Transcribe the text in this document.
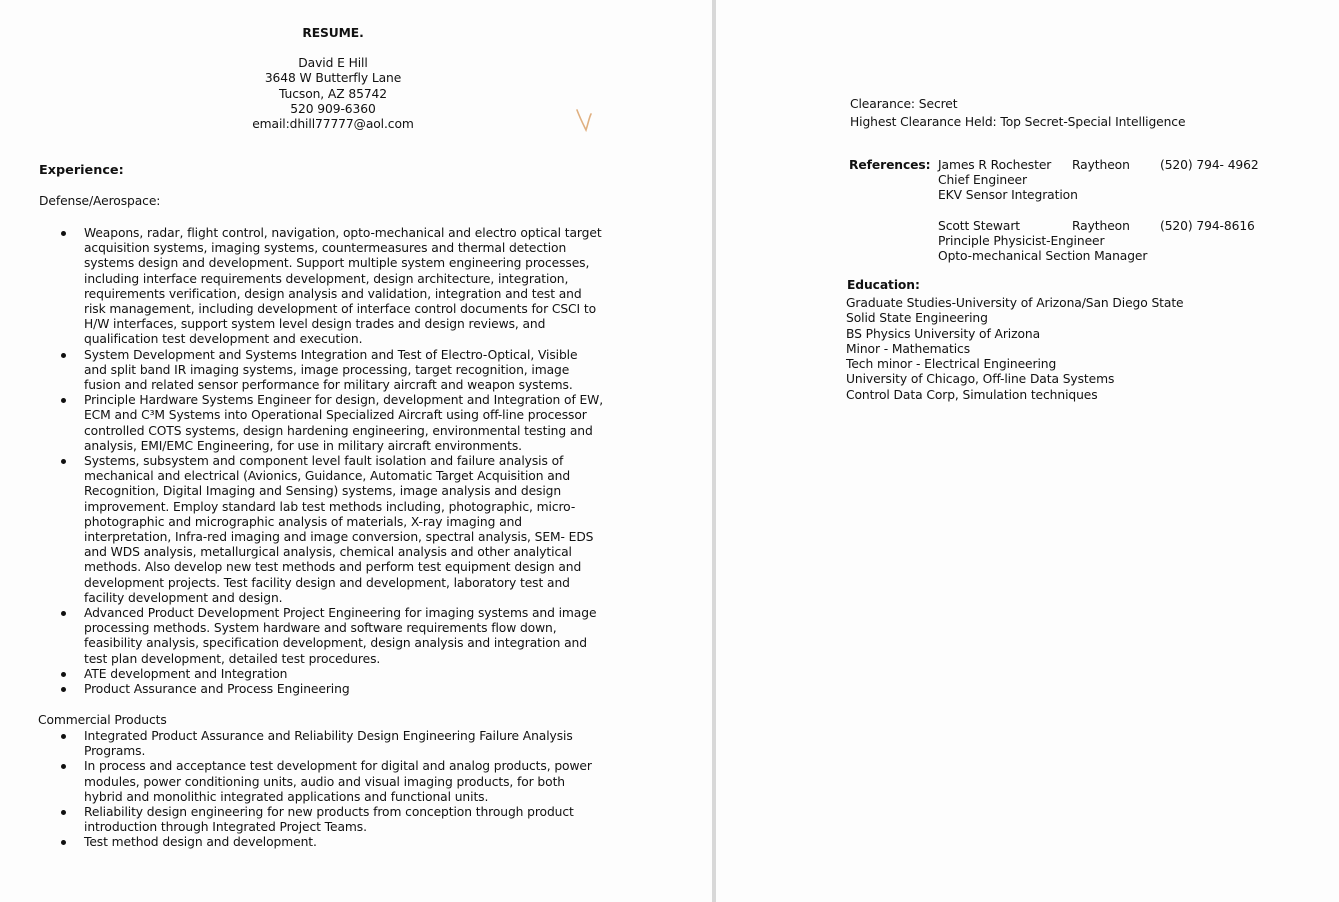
RESUME.
David E Hill
3648 W Butterfly Lane
Tucson, AZ 85742
520 909-6360
email:dhill77777@aol.com
Experience:
Defense/Aerospace:
Weapons, radar, flight control, navigation, opto-mechanical and electro optical target
acquisition systems, imaging systems, countermeasures and thermal detection
systems design and development. Support multiple system engineering processes,
including interface requirements development, design architecture, integration,
requirements verification, design analysis and validation, integration and test and
risk management, including development of interface control documents for CSCI to
H/W interfaces, support system level design trades and design reviews, and
qualification test development and execution.
System Development and Systems Integration and Test of Electro-Optical, Visible
and split band IR imaging systems, image processing, target recognition, image
fusion and related sensor performance for military aircraft and weapon systems.
Principle Hardware Systems Engineer for design, development and Integration of EW,
ECM and C³M Systems into Operational Specialized Aircraft using off-line processor
controlled COTS systems, design hardening engineering, environmental testing and
analysis, EMI/EMC Engineering, for use in military aircraft environments.
Systems, subsystem and component level fault isolation and failure analysis of
mechanical and electrical (Avionics, Guidance, Automatic Target Acquisition and
Recognition, Digital Imaging and Sensing) systems, image analysis and design
improvement. Employ standard lab test methods including, photographic, micro-
photographic and micrographic analysis of materials, X-ray imaging and
interpretation, Infra-red imaging and image conversion, spectral analysis, SEM- EDS
and WDS analysis, metallurgical analysis, chemical analysis and other analytical
methods. Also develop new test methods and perform test equipment design and
development projects. Test facility design and development, laboratory test and
facility development and design.
Advanced Product Development Project Engineering for imaging systems and image
processing methods. System hardware and software requirements flow down,
feasibility analysis, specification development, design analysis and integration and
test plan development, detailed test procedures.
ATE development and Integration
Product Assurance and Process Engineering
Commercial Products
Integrated Product Assurance and Reliability Design Engineering Failure Analysis
Programs.
In process and acceptance test development for digital and analog products, power
modules, power conditioning units, audio and visual imaging products, for both
hybrid and monolithic integrated applications and functional units.
Reliability design engineering for new products from conception through product
introduction through Integrated Project Teams.
Test method design and development.
Clearance: Secret
Highest Clearance Held: Top Secret-Special Intelligence
References: James R Rochester Raytheon (520) 794- 4962
Chief Engineer
EKV Sensor Integration
Scott Stewart	Raytheon (520) 794-8616
Principle Physicist-Engineer
Opto-mechanical Section Manager
Education:
Graduate Studies-University of Arizona/San Diego State
Solid State Engineering
BS Physics University of Arizona
Minor - Mathematics
Tech minor - Electrical Engineering
University of Chicago, Off-line Data Systems
Control Data Corp, Simulation techniques
